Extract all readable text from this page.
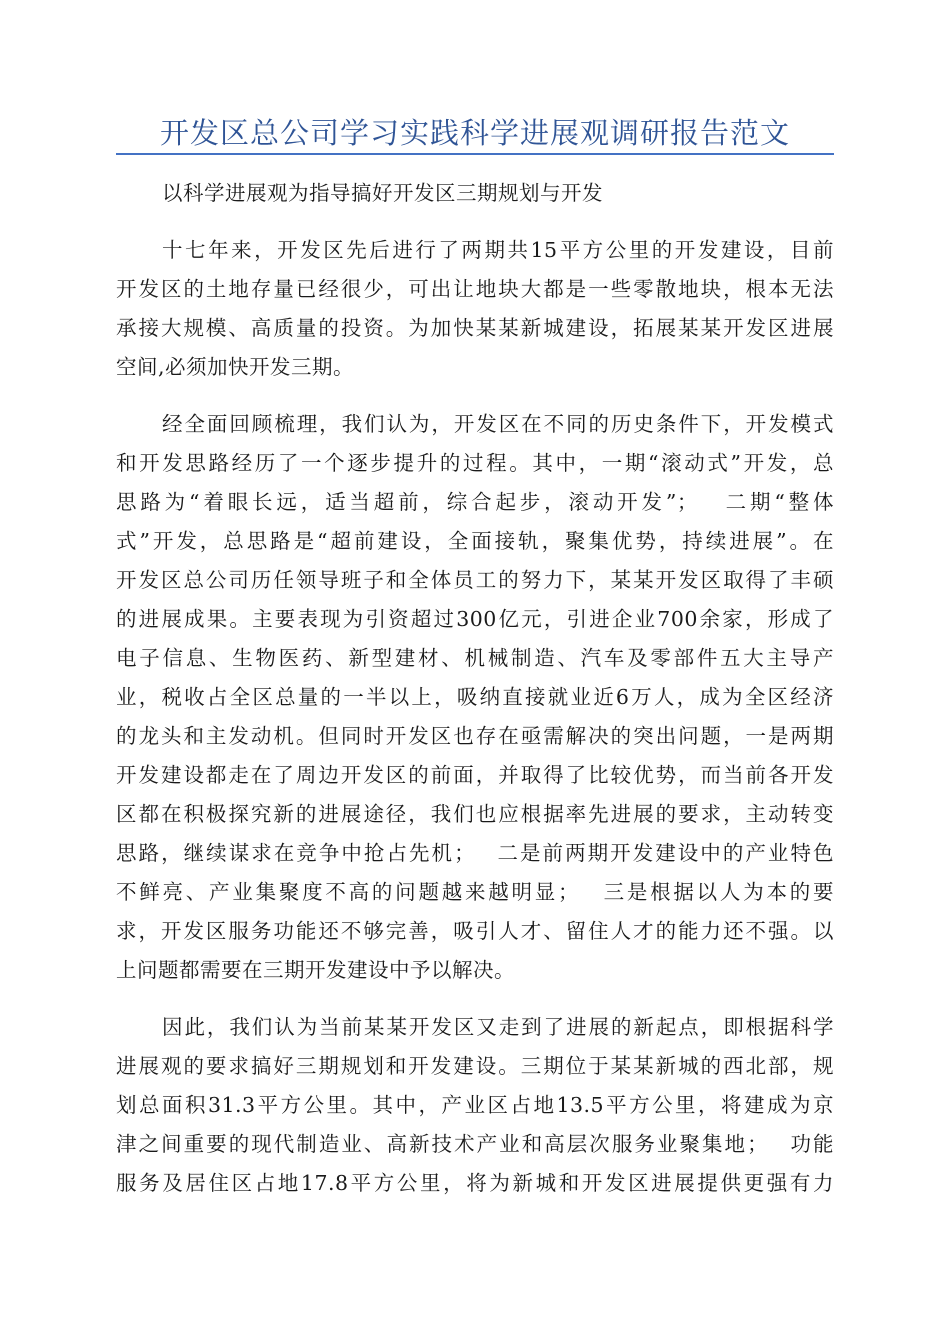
开发区总公司学习实践科学进展观调研报告范文
以科学进展观为指导搞好开发区三期规划与开发
十七年来，开发区先后进行了两期共15平方公里的开发建设，目前
开发区的土地存量已经很少，可出让地块大都是一些零散地块，根本无法
承接大规模、高质量的投资。为加快某某新城建设，拓展某某开发区进展
空间,必须加快开发三期。
经全面回顾梳理，我们认为，开发区在不同的历史条件下，开发模式
和开发思路经历了一个逐步提升的过程。其中，一期“滚动式”开发，总
思路为“着眼长远，适当超前，综合起步，滚动开发”；　 二期“整体
式”开发，总思路是“超前建设，全面接轨，聚集优势，持续进展”。在
开发区总公司历任领导班子和全体员工的努力下，某某开发区取得了丰硕
的进展成果。主要表现为引资超过300亿元，引进企业700余家，形成了
电子信息、生物医药、新型建材、机械制造、汽车及零部件五大主导产
业，税收占全区总量的一半以上，吸纳直接就业近6万人，成为全区经济
的龙头和主发动机。但同时开发区也存在亟需解决的突出问题，一是两期
开发建设都走在了周边开发区的前面，并取得了比较优势，而当前各开发
区都在积极探究新的进展途径，我们也应根据率先进展的要求，主动转变
思路，继续谋求在竞争中抢占先机；　 二是前两期开发建设中的产业特色
不鲜亮、产业集聚度不高的问题越来越明显；　 三是根据以人为本的要
求，开发区服务功能还不够完善，吸引人才、留住人才的能力还不强。以
上问题都需要在三期开发建设中予以解决。
因此，我们认为当前某某开发区又走到了进展的新起点，即根据科学
进展观的要求搞好三期规划和开发建设。三期位于某某新城的西北部，规
划总面积31.3平方公里。其中，产业区占地13.5平方公里，将建成为京
津之间重要的现代制造业、高新技术产业和高层次服务业聚集地；　 功能
服务及居住区占地17.8平方公里，将为新城和开发区进展提供更强有力
